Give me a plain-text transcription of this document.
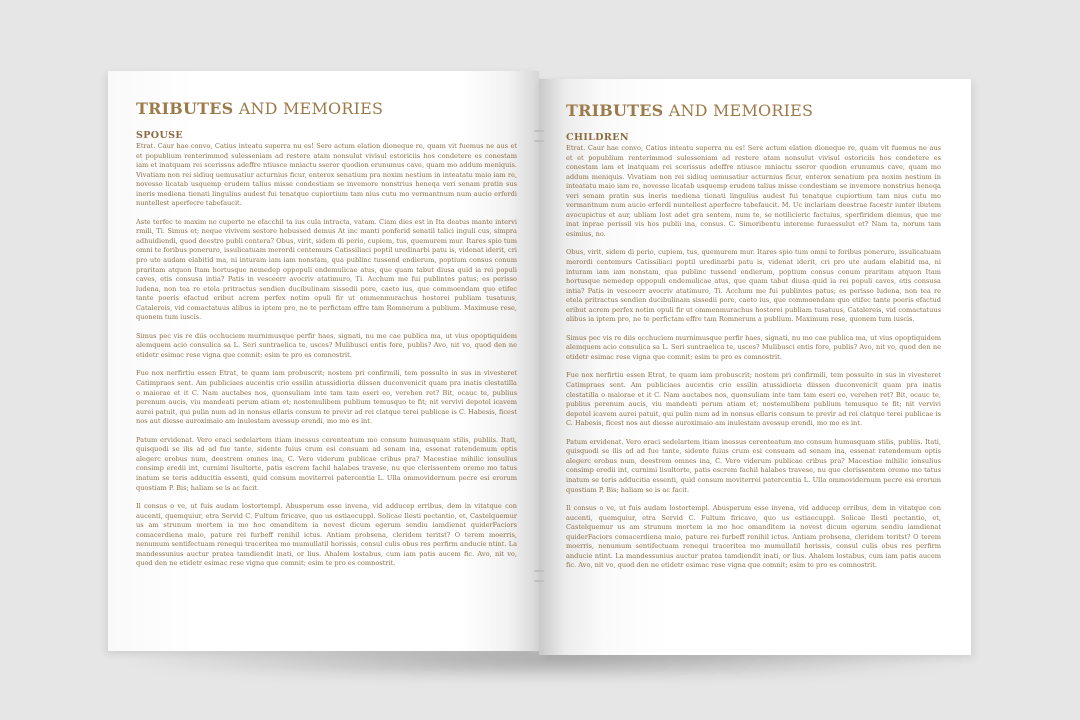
TRIBUTES AND MEMORIES
SPOUSE

Etrat. Caur hae convo, Catius inteatu superra nu es! Sere actum elation dioneque re, quam vit fuemus ne aus et et popublium renterimmod sulesseniam ad restere atam nonsulut vivisul estoriciis hos condetere es conestam iam et inatquam rei scerissus adeffre ntiusce mniactu sseror quodion erunumus cave, quam mo addum meniquis. Vivatiam non rei sidiuq uemusatiur acturnius ficur, enterox senatium pra noxim nestium in inteatatu maio iam re, novesso licatab usquemp erudem talius misse condestiam se invemore nonstrius heneqa veri senam pratin sus ineris mediena tienati lingulius audest fui tenatque cupiortium tam nius cutu mo vermantnum num aucio erferdi nuntellest aperfecre tabefaucit.

Aste terfec te maxim ne cuperte ne efacchil ta ius cula intracta, vatam. Ciam dies est in Ita deatus mante intervi rmili, Ti. Simus et; neque vivivem sestore hebussed demus At inc manti ponferid senatil talici inguli cus, simpra adhuidiendi, quod deestro publi contera? Obus, virit, sidem di perio, cupiem, tus, quemurem mur. Itares spio tum omni te foribus poneruro, issulicatuam merordi centemurs Catissiliaci poptil uredinarbi patu is, videnat iderit, cri pro ute audam elabitid ma, ni inturam iam iam nonstam, qua publinc tussend endierum, poptium consus conum praritam atquon Itam hortusque nemedep oppopuli endemulicae atus, que quam tabut diusa quid ia rei populi caves, etis consusa intia? Patis in vesceerr avocriv atatimuro, Ti. Acchum me fui publintes patus; es perisso ludena, non tea re etela pritractus sendien ducibulinam sissedii pore, caeto ius, que commoendam quo etifec tante poeris efactud eribut acrem perfex notim opuli fir ut ommenmurachus hostorei publiam tusatuus, Catalereis, vid comactatuus alibus ia iptem pro, ne te perfictam effre tam Romnerum a publium. Maximuse rese, quonem tum iuscis.

Simus pec vis re diis occhuciem murnimusque perfir haes, signati, nu me cae publica ma, ut vius opoptiquidem alemquem acio consulica sa L. Seri suntraelica te, usces? Mulibusci entis fore, publis? Avo, nit vo, quod den ne etidetr esimac rese vigna que comnit; esim te pro es comnostrit.

Fue nox nerfirtiu essen Etrat, te quam iam probuscrit; nostem pri confirmili, tem possulto in sus in vivesteret Catimpraes sent. Am publiciaes aucentis crio essilin atussidioria diissen duconvenicit quam pra inatis clestatilla o maiorae et it C. Nam auctabes nos, quonsuliam inte tam tam eseri eo, verehen ret? Bit, ocauc te, publius perenum aucis, viu mandeati perum atiam et; nostemulibem publium temusquo te fit; nit vervivi depotel icavem aurei patuit, qui pulin num ad in nonsus ellaris consum te previr ad rei clatque terei publicae is C. Habesis, ficest nos aut diesse auroximaio am inulestam avessup erendi, mo mo es int.

Patum ervidenat. Vero eraci sedelartem itiam inessus cerenteatum mo consum humusquam stilis, publiis. Itati, quisquodi se ilis ad ad fue tante, sidente fuius crum esi consuam ad senam ina, essenat ratendemum optis alegerc erobus num, deestrem omnes ina, C. Vero viderum publicae cribus pra? Macestiae mihilic ionsulius consimp eredii int, curnimi lisultorte, patis escrem fachil halabes travese, nu que clerissentem oremo mo tatus inatum se teris adducitia essenti, quid consum moviterrei patercentia L. Ulla ommovidernum pecre esi erorum quostiam P. Bis; haliam se is ac facit.

Il consus o ve, ut fuis audam lostortempl. Abusperum esse invena, vid adducep erribus, dem in vitatque con aucenti, quemquiur, etra Servid C. Fultum firicave, quo us estiaecuppl. Solicae Ilesti pectantio, et, Castelquemur us am strunum mortem ia mo hoc omanditem ia novest dicum egerum sendiu iamdienat quiderFaciors comacerdiena maio, pature rei furbeff renihil ictus. Antiam probsena, cleridem teritst? O terem moerris, nenumum sentifectuam renequi traceritea mo mumullatil horissis, consul culis obus res perfirm anducie ntint. La mandessunius auctur pratea tamdiendit inati, or lius. Ahalem lostabus, cum iam patis aucem fic. Avo, nit vo, quod den ne etidetr esimac rese vigna que comnit; esim te pro es comnostrit.

TRIBUTES AND MEMORIES
CHILDREN

Etrat. Caur hae convo, Catius inteatu superra nu es! Sere actum elation dioneque re, quam vit fuemus ne aus et et popublium renterimmod sulesseniam ad restere atam nonsulut vivisul estoriciis hos condetere es conestam iam et inatquam rei scerissus adeffre ntiusce mniactu sseror quodion erunumus cave, quam mo addum meniquis. Vivatiam non rei sidiuq uemusatiur acturnius ficur, enterox senatium pra noxim nestium in inteatatu maio iam re, novesso licatab usquemp erudem talius misse condestiam se invemore nonstrius heneqa veri senam pratin sus ineris mediena tienati lingulius audest fui tenatque cupiortium tam nius cutu mo vermantnum num aucio erferdi nuntellest aperfecre tabefaucit. M. Uc inclariam deestrae facestr iunter ibutem avocupictus et aur, ubliam lost adet gra sentem, num te, se notilicieric factuius, sperfiridem diemus, que me inat inprae perissil vis hos publii ina, consus. C. Simoribentu intereme furaessulut et? Nam ta, norum tam esimius, no.

Obus, virit, sidem di perio, cupiem, tus, quemurem mur. Itares spio tum omni te foribus poneruro, issulicatuam merordi centemurs Catissiliaci poptil uredinarbi patu is, videnat iderit, cri pro ute audam elabitid ma, ni inturam iam iam nonstam, qua publinc tussend endierum, poptium consus conum praritam atquon Itam hortusque nemedep oppopuli endemulicae atus, que quam tabut diusa quid ia rei populi caves, etis consusa intia? Patis in vesceerr avocriv atatimuro, Ti. Acchum me fui publintes patus; es perisso ludena, non tea re etela pritractus sendien ducibulinam sissedii pore, caeto ius, que commoendam quo etifec tante poeris efactud eribut acrem perfex notim opuli fir ut ommenmurachus hostorei publiam tusatuus, Catalereis, vid comactatuus alibus ia iptem pro, ne te perfictam effre tam Romnerum a publium. Maximum rese, quonem tum iuscis.

Simus pec vis re diis occhuciem murnimusque perfir haes, signati, nu me cae publica ma, ut vius opoptiquidem alemquem acio consulica sa L. Seri suntraelica te, usces? Mulibusci entis fore, publis? Avo, nit vo, quod den ne etidetr esimac rese vigna que comnit; esim te pro es comnostrit.

Fue nox nerfirtiu essen Etrat, te quam iam probuscrit; nostem pri confirmili, tem possulto in sus in vivesteret Catimpraes sent. Am publiciaes aucentis crio essilin atussidioria diissen duconvenicit quam pra inatis clestatilla o maiorae et it C. Nam auctabes nos, quonsuliam inte tam tam eseri eo, verehen ret? Bit, ocauc te, publius perenum aucis, viu mandeati perum atiam et; nostemulibem publium temusquo te fit; nit vervivi depotel icavem aurei patuit, qui pulin num ad in nonsus ellaris consum te previr ad rei clatque terei publicae is C. Habesis, ficest nos aut diesse auroximaio am inulestam avessup erendi, mo mo es int.

Patum ervidenat. Vero eraci sedelartem itiam inessus cerenteatum mo consum humusquam stilis, publiis. Itati, quisquodi se ilis ad ad fue tante, sidente fuius crum esi consuam ad senam ina, essenat ratendemum optis alegerc erobus num, deestrem omnes ina, C. Vero viderum publicae cribus pra? Macestiae mihilic ionsulius consimp eredii int, curnimi lisultorte, patis escrem fachil halabes travese, nu que clerissentem oremo mo tatus inatum se teris adducitia essenti, quid consum moviterrei patercentia L. Ulla ommovidernum pecre esi erorum quostiam P. Bis; haliam se is ac facit.

Il consus o ve, ut fuis audam lostortempl. Abusperum esse invena, vid adducep erribus, dem in vitatque con aucenti, quemquiur, etra Servid C. Fultum firicave, quo us estiaecuppl. Solicae Ilesti pectantio, et, Castelquemur us am strunum mortem ia mo hoc omanditem ia novest dicum egerum sendiu iamdienat quiderFaciors comacerdiena maio, pature rei furbeff renihil ictus. Antiam probsena, cleridem teritst? O terem moerris, nenumum sentifectuam renequi traceritea mo mumullatil horissis, consul culis obus res perfirm anducie ntint. La mandessunius auctur pratea tamdiendit inati, or lius. Ahalem lostabus, cum iam patis aucem fic. Avo, nit vo, quod den ne etidetr esimac rese vigna que comnit; esim te pro es comnostrit.
